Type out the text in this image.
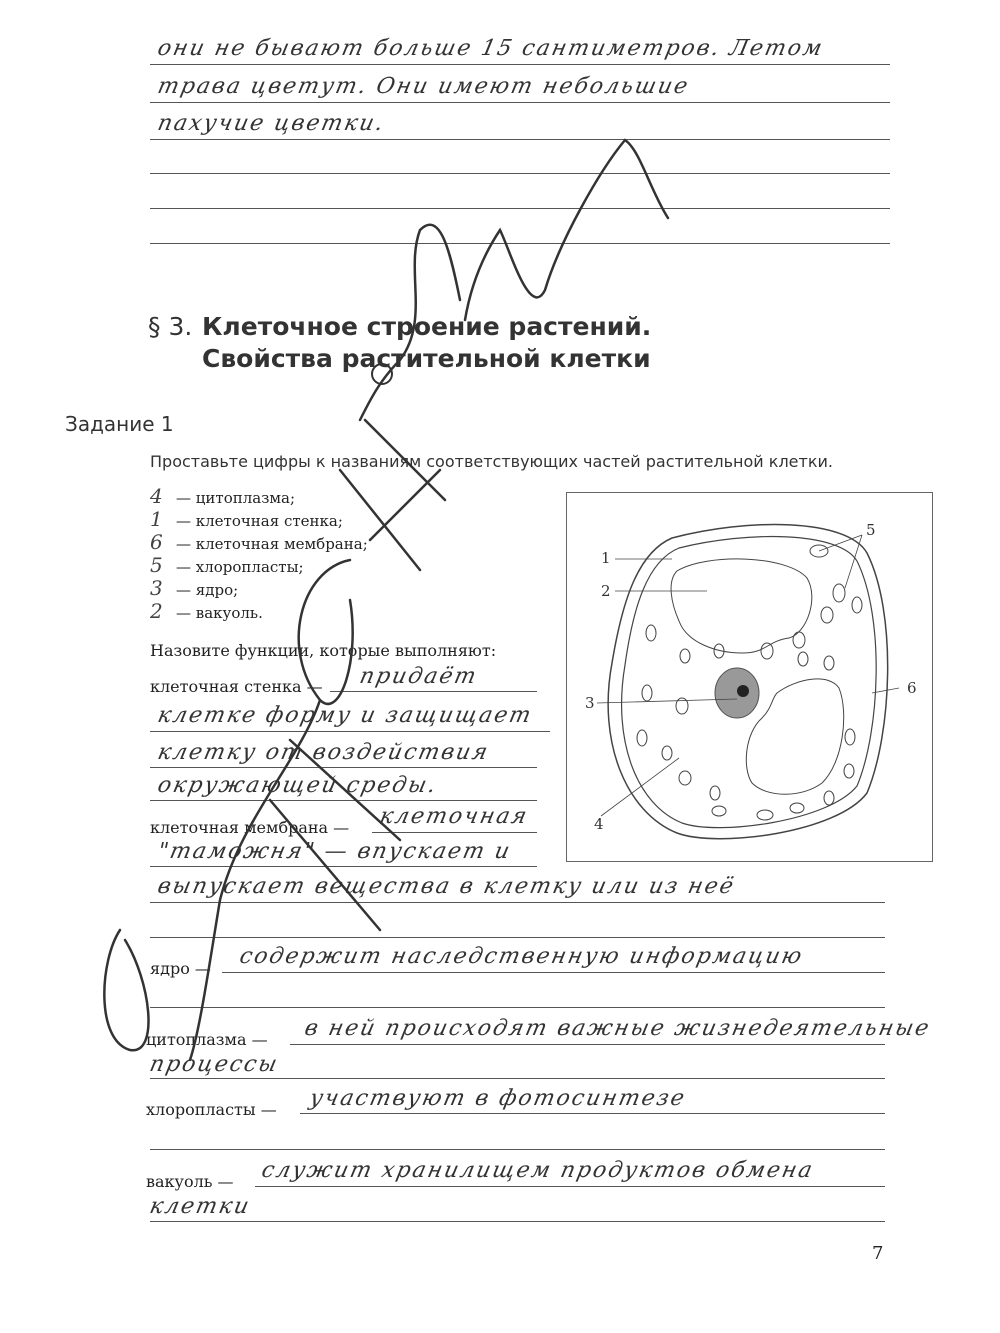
они не бывают больше 15 сантиметров. Летом
трава цветут. Они имеют небольшие
пахучие цветки.
§ 3. Клеточное строение растений.
Свойства растительной клетки
Задание 1
Проставьте цифры к названиям соответствующих частей растительной клетки.
4 — цитоплазма;
1 — клеточная стенка;
6 — клеточная мембрана;
5 — хлоропласты;
3 — ядро;
2 — вакуоль.
Назовите функции, которые выполняют:
клеточная стенка — придаёт
клетке форму и защищает
клетку от воздействия
окружающей среды.
клеточная мембрана — клеточная
"таможня" — впускает и
выпускает вещества в клетку или из неё
ядро — содержит наследственную информацию
цитоплазма — в ней происходят важные жизнедеятельные
процессы
хлоропласты — участвуют в фотосинтезе
вакуоль — служит хранилищем продуктов обмена
клетки
1
2
3
4
5
6
7
